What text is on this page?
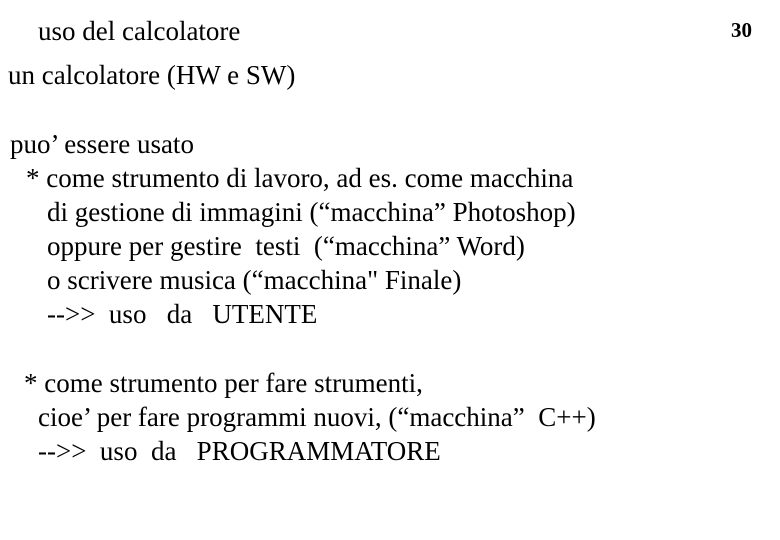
30
uso del calcolatore
un calcolatore (HW e SW)
puo’ essere usato
* come strumento di lavoro, ad es. come macchina
di gestione di immagini (“macchina” Photoshop)
oppure per gestire  testi  (“macchina” Word)
o scrivere musica (“macchina" Finale)
-->>  uso   da   UTENTE
* come strumento per fare strumenti,
cioe’ per fare programmi nuovi, (“macchina”  C++)
-->>  uso  da   PROGRAMMATORE
